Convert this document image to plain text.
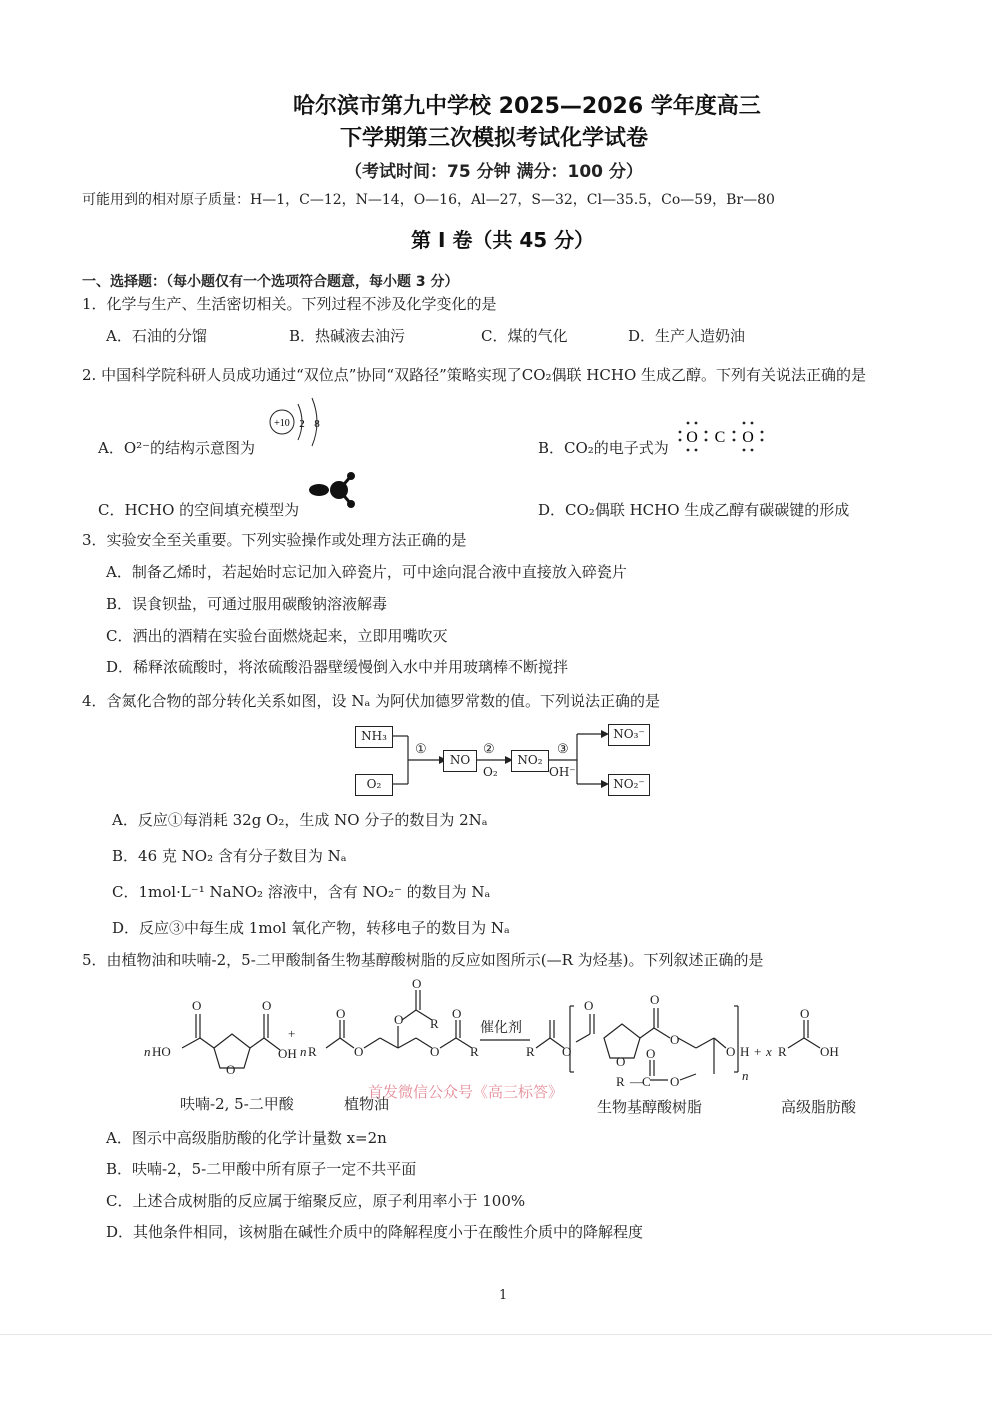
哈尔滨市第九中学校 2025—2026 学年度高三
下学期第三次模拟考试化学试卷
（考试时间：75 分钟 满分：100 分）
可能用到的相对原子质量：H—1，C—12，N—14，O—16，Al—27，S—32，Cl—35.5，Co—59，Br—80
第 I 卷（共 45 分）
一、选择题：（每小题仅有一个选项符合题意，每小题 3 分）
1．化学与生产、生活密切相关。下列过程不涉及化学变化的是
A．石油的分馏	B．热碱液去油污	C．煤的气化	D．生产人造奶油
2. 中国科学院科研人员成功通过“双位点”协同“双路径”策略实现了CO₂偶联 HCHO 生成乙醇。下列有关说法正确的是
A．O²⁻的结构示意图为
+10 2 8
B．CO₂的电子式为
O C O
C．HCHO 的空间填充模型为	D．CO₂偶联 HCHO 生成乙醇有碳碳键的形成
3．实验安全至关重要。下列实验操作或处理方法正确的是
A．制备乙烯时，若起始时忘记加入碎瓷片，可中途向混合液中直接放入碎瓷片
B．误食钡盐，可通过服用碳酸钠溶液解毒
C．洒出的酒精在实验台面燃烧起来，立即用嘴吹灭
D．稀释浓硫酸时，将浓硫酸沿器壁缓慢倒入水中并用玻璃棒不断搅拌
4．含氮化合物的部分转化关系如图，设 Nₐ 为阿伏加德罗常数的值。下列说法正确的是
NH₃
O₂
NO	NO₂
NO₃⁻
NO₂⁻
①	②
O₂
③
OH⁻
A．反应①每消耗 32g O₂，生成 NO 分子的数目为 2Nₐ
B．46 克 NO₂ 含有分子数目为 Nₐ
C．1mol·L⁻¹ NaNO₂ 溶液中，含有 NO₂⁻ 的数目为 Nₐ
D．反应③中每生成 1mol 氧化产物，转移电子的数目为 Nₐ
5．由植物油和呋喃-2，5-二甲酸制备生物基醇酸树脂的反应如图所示(—R 为烃基)。下列叙述正确的是
n HO
O
O
O
OH
+
n R
O
O
O
O
R
O
O
R	R O
O
O
O
O
O
O
O
R — C
H
n
+ x R
O
OH
催化剂
呋喃-2, 5-二甲酸	植物油
首发微信公众号《高三标答》
生物基醇酸树脂	高级脂肪酸
A．图示中高级脂肪酸的化学计量数 x=2n
B．呋喃-2，5-二甲酸中所有原子一定不共平面
C．上述合成树脂的反应属于缩聚反应，原子利用率小于 100%
D．其他条件相同，该树脂在碱性介质中的降解程度小于在酸性介质中的降解程度
1
